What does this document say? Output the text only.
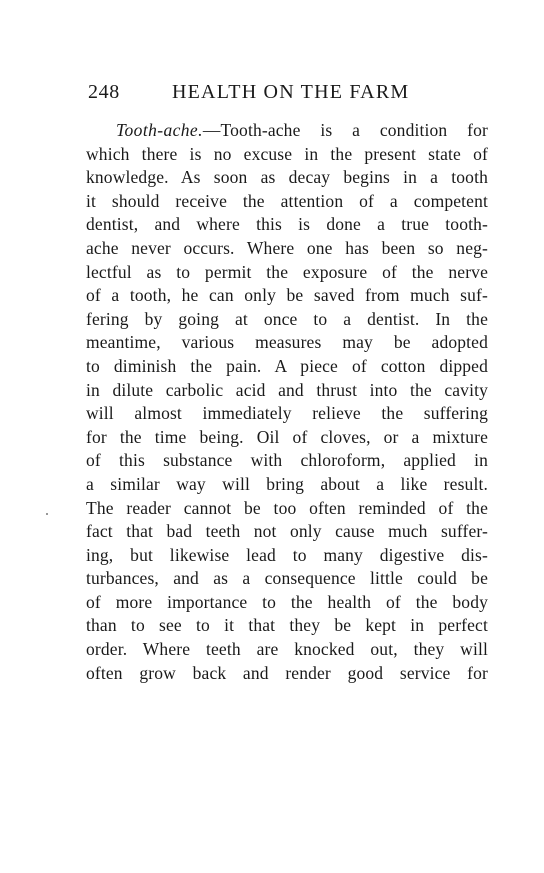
248	HEALTH ON THE FARM
Tooth-ache.—Tooth-ache is a condition for
which there is no excuse in the present state of
knowledge. As soon as decay begins in a tooth
it should receive the attention of a competent
dentist, and where this is done a true tooth-
ache never occurs. Where one has been so neg-
lectful as to permit the exposure of the nerve
of a tooth, he can only be saved from much suf-
fering by going at once to a dentist. In the
meantime, various measures may be adopted
to diminish the pain. A piece of cotton dipped
in dilute carbolic acid and thrust into the cavity
will almost immediately relieve the suffering
for the time being. Oil of cloves, or a mixture
of this substance with chloroform, applied in
a similar way will bring about a like result.
The reader cannot be too often reminded of the
fact that bad teeth not only cause much suffer-
ing, but likewise lead to many digestive dis-
turbances, and as a consequence little could be
of more importance to the health of the body
than to see to it that they be kept in perfect
order. Where teeth are knocked out, they will
often grow back and render good service for
